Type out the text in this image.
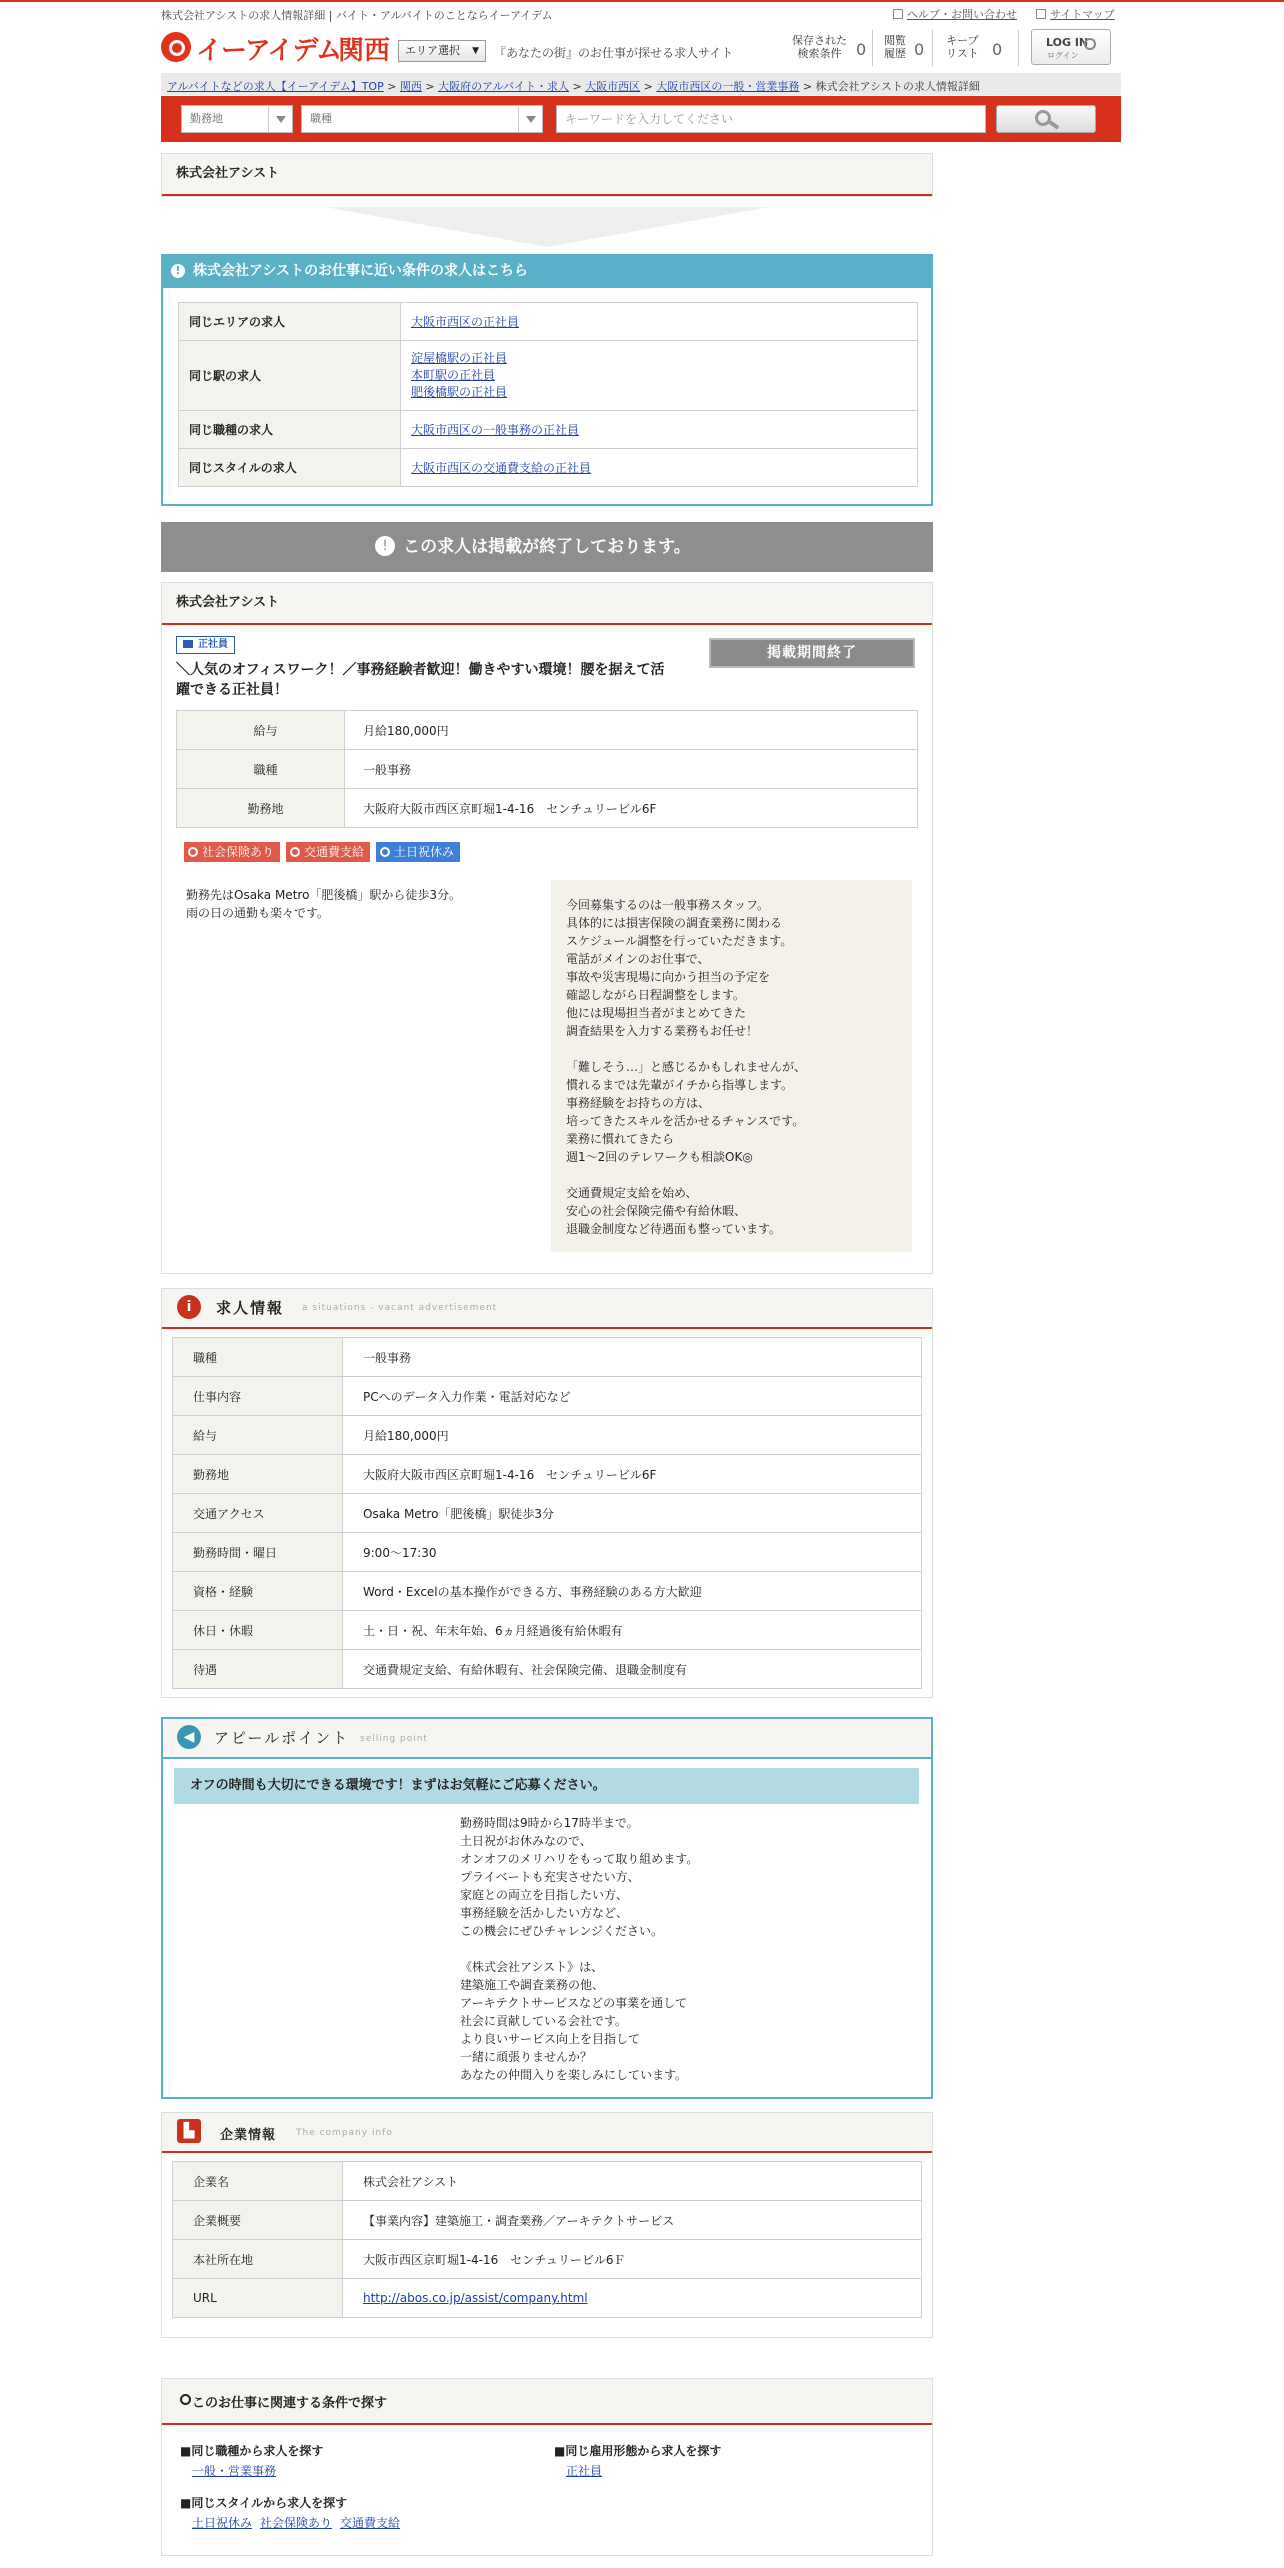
株式会社アシストの求人情報詳細 | バイト・アルバイトのことならイーアイデム	ヘルプ・お問い合わせ	サイトマップ
イーアイデム
関西	エリア選択 ▼ 『あなたの街』のお仕事が探せる求人サイト
保存された
検索条件 0 閲覧
履歴 0 キープ
リスト 0	LOG IN
ログイン
アルバイトなどの求人【イーアイデム】TOP > 関西 > 大阪府のアルバイト・求人 > 大阪市西区 > 大阪市西区の一般・営業事務 > 株式会社アシストの求人情報詳細
勤務地	職種	キーワードを入力してください
株式会社アシスト
株式会社アシストのお仕事に近い条件の求人はこちら
!
同じエリアの求人	大阪市西区の正社員
同じ駅の求人	淀屋橋駅の正社員
本町駅の正社員
肥後橋駅の正社員

同じ職種の求人	大阪市西区の一般事務の正社員
同じスタイルの求人	大阪市西区の交通費支給の正社員
この求人は掲載が終了しております。
!
株式会社アシスト
正社員
＼人気のオフィスワーク！／事務経験者歓迎！働きやすい環境！腰を据えて活
躍できる正社員！
掲載期間終了
給与	月給180,000円
職種	一般事務
勤務地	大阪府大阪市西区京町堀1-4-16　センチュリービル6F
社会保険あり	交通費支給	土日祝休み
勤務先はOsaka Metro「肥後橋」駅から徒歩3分。
雨の日の通勤も楽々です。
今回募集するのは一般事務スタッフ。
具体的には損害保険の調査業務に関わる
スケジュール調整を行っていただきます。
電話がメインのお仕事で、
事故や災害現場に向かう担当の予定を
確認しながら日程調整をします。
他には現場担当者がまとめてきた
調査結果を入力する業務もお任せ！

「難しそう…」と感じるかもしれませんが、
慣れるまでは先輩がイチから指導します。
事務経験をお持ちの方は、
培ってきたスキルを活かせるチャンスです。
業務に慣れてきたら
週1〜2回のテレワークも相談OK◎

交通費規定支給を始め、
安心の社会保険完備や有給休暇、
退職金制度など待遇面も整っています。
i	求人情報 a situations - vacant advertisement
職種	一般事務
仕事内容	PCへのデータ入力作業・電話対応など
給与	月給180,000円
勤務地	大阪府大阪市西区京町堀1-4-16　センチュリービル6F
交通アクセス	Osaka Metro「肥後橋」駅徒歩3分
勤務時間・曜日	9:00〜17:30
資格・経験	Word・Excelの基本操作ができる方、事務経験のある方大歓迎
休日・休暇	土・日・祝、年末年始、6ヵ月経過後有給休暇有
待遇	交通費規定支給、有給休暇有、社会保険完備、退職金制度有
◀	アピールポイント selling point
オフの時間も大切にできる環境です！まずはお気軽にご応募ください。
勤務時間は9時から17時半まで。
土日祝がお休みなので、
オンオフのメリハリをもって取り組めます。
プライベートも充実させたい方、
家庭との両立を目指したい方、
事務経験を活かしたい方など、
この機会にぜひチャレンジください。

《株式会社アシスト》は、
建築施工や調査業務の他、
アーキテクトサービスなどの事業を通して
社会に貢献している会社です。
より良いサービス向上を目指して
一緒に頑張りませんか？
あなたの仲間入りを楽しみにしています。
▙	企業情報 The company info
企業名	株式会社アシスト
企業概要	【事業内容】建築施工・調査業務／アーキテクトサービス
本社所在地	大阪市西区京町堀1-4-16　センチュリービル6Ｆ
URL	http://abos.co.jp/assist/company.html
このお仕事に関連する条件で探す
■同じ職種から求人を探す
一般・営業事務
■同じ雇用形態から求人を探す
正社員
■同じスタイルから求人を探す
土日祝休み 社会保険あり 交通費支給
